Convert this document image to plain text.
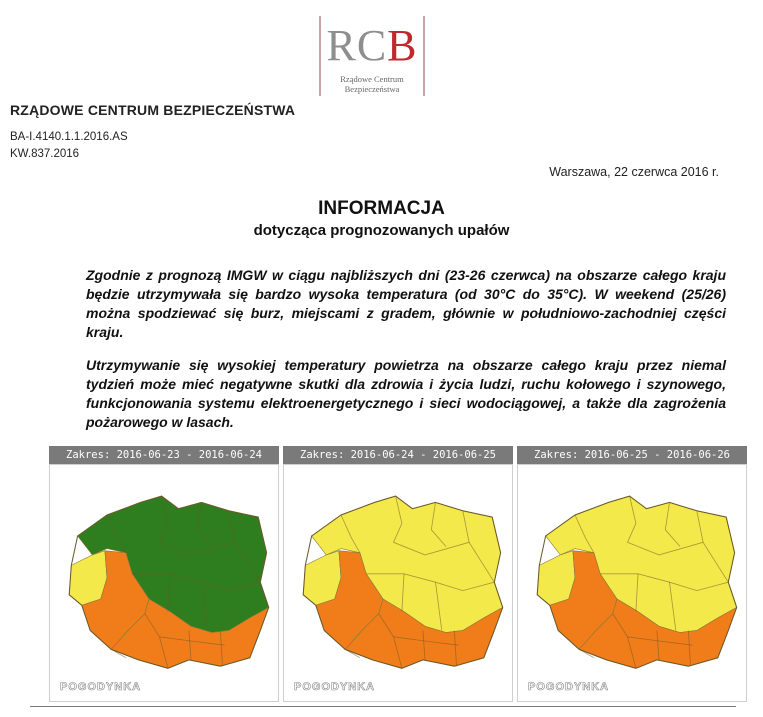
RCB
Rządowe Centrum
Bezpieczeństwa
RZĄDOWE CENTRUM BEZPIECZEŃSTWA
BA-I.4140.1.1.2016.AS
KW.837.2016
Warszawa, 22 czerwca 2016 r.
INFORMACJA
dotycząca prognozowanych upałów
Zgodnie z prognozą IMGW w ciągu najbliższych dni (23-26 czerwca) na obszarze całego kraju będzie utrzymywała się bardzo wysoka temperatura (od 30°C do 35°C). W weekend (25/26) można spodziewać się burz, miejscami z gradem, głównie w południowo-zachodniej części kraju.
Utrzymywanie się wysokiej temperatury powietrza na obszarze całego kraju przez niemal tydzień może mieć negatywne skutki dla zdrowia i życia ludzi, ruchu kołowego i szynowego, funkcjonowania systemu elektroenergetycznego i sieci wodociągowej, a także dla zagrożenia pożarowego w lasach.
Zakres: 2016-06-23 - 2016-06-24
POGODYNKA
Zakres: 2016-06-24 - 2016-06-25
POGODYNKA
Zakres: 2016-06-25 - 2016-06-26
POGODYNKA
